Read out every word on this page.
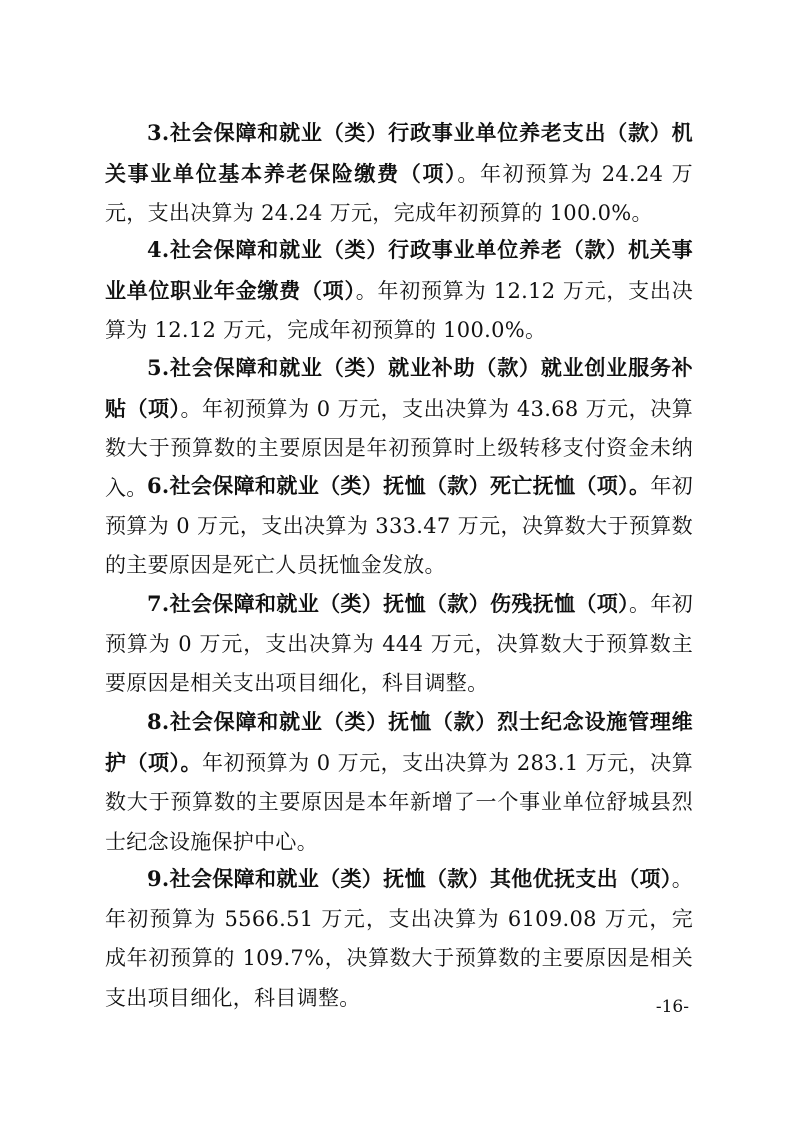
3.社会保障和就业（类）行政事业单位养老支出（款）机关事业单位基本养老保险缴费（项）。年初预算为 24.24 万元，支出决算为 24.24 万元，完成年初预算的 100.0%。

4.社会保障和就业（类）行政事业单位养老（款）机关事业单位职业年金缴费（项）。年初预算为 12.12 万元，支出决算为 12.12 万元，完成年初预算的 100.0%。

5.社会保障和就业（类）就业补助（款）就业创业服务补贴（项）。年初预算为 0 万元，支出决算为 43.68 万元，决算数大于预算数的主要原因是年初预算时上级转移支付资金未纳入。 6.社会保障和就业（类）抚恤（款）死亡抚恤（项）。年初预算为 0 万元，支出决算为 333.47 万元，决算数大于预算数的主要原因是死亡人员抚恤金发放。

7.社会保障和就业（类）抚恤（款）伤残抚恤（项）。年初预算为 0 万元，支出决算为 444 万元，决算数大于预算数主要原因是相关支出项目细化，科目调整。

8.社会保障和就业（类）抚恤（款）烈士纪念设施管理维护（项）。年初预算为 0 万元，支出决算为 283.1 万元，决算数大于预算数的主要原因是本年新增了一个事业单位舒城县烈士纪念设施保护中心。

9.社会保障和就业（类）抚恤（款）其他优抚支出（项）。年初预算为 5566.51 万元，支出决算为 6109.08 万元，完成年初预算的 109.7%，决算数大于预算数的主要原因是相关支出项目细化，科目调整。	-16-
